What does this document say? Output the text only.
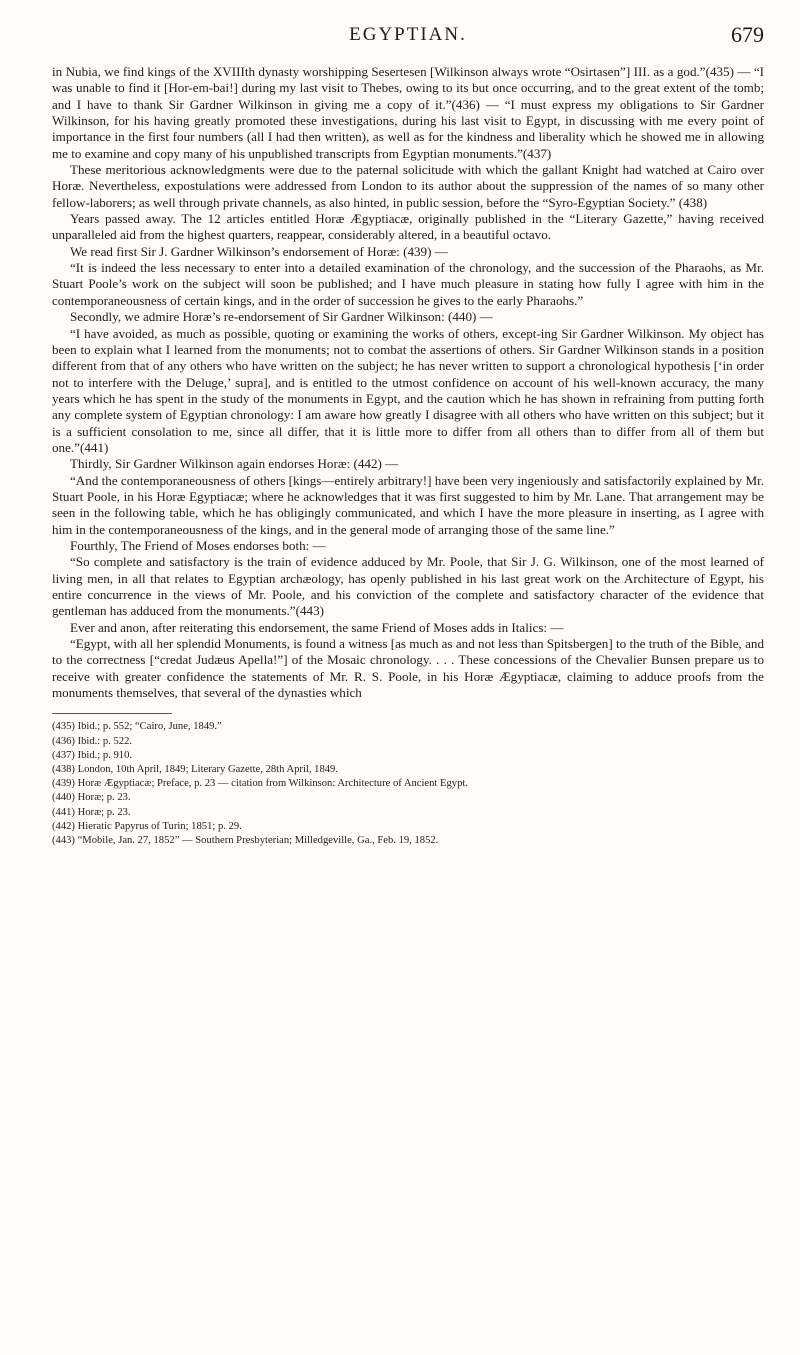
EGYPTIAN.	679

in Nubia, we find kings of the XVIIIth dynasty worshipping Sesertesen [Wilkinson always wrote “Osirtasen”] III. as a god.”(435) — “I was unable to find it [Hor-em-bai!] during my last visit to Thebes, owing to its but once occurring, and to the great extent of the tomb; and I have to thank Sir Gardner Wilkinson in giving me a copy of it.”(436) — “I must express my obligations to Sir Gardner Wilkinson, for his having greatly promoted these investigations, during his last visit to Egypt, in discussing with me every point of importance in the first four numbers (all I had then written), as well as for the kindness and liberality which he showed me in allowing me to examine and copy many of his unpublished transcripts from Egyptian monuments.”(437)

These meritorious acknowledgments were due to the paternal solicitude with which the gallant Knight had watched at Cairo over Horæ. Nevertheless, expostulations were addressed from London to its author about the suppression of the names of so many other fellow-laborers; as well through private channels, as also hinted, in public session, before the “Syro-Egyptian Society.” (438)

Years passed away. The 12 articles entitled Horæ Ægyptiacæ, originally published in the “Literary Gazette,” having received unparalleled aid from the highest quarters, reappear, considerably altered, in a beautiful octavo.

We read first Sir J. Gardner Wilkinson’s endorsement of Horæ: (439) —

“It is indeed the less necessary to enter into a detailed examination of the chronology, and the succession of the Pharaohs, as Mr. Stuart Poole’s work on the subject will soon be published; and I have much pleasure in stating how fully I agree with him in the contemporaneousness of certain kings, and in the order of succession he gives to the early Pharaohs.”

Secondly, we admire Horæ’s re-endorsement of Sir Gardner Wilkinson: (440) —

“I have avoided, as much as possible, quoting or examining the works of others, except-ing Sir Gardner Wilkinson. My object has been to explain what I learned from the monuments; not to combat the assertions of others. Sir Gardner Wilkinson stands in a position different from that of any others who have written on the subject; he has never written to support a chronological hypothesis [‘in order not to interfere with the Deluge,’ supra], and is entitled to the utmost confidence on account of his well-known accuracy, the many years which he has spent in the study of the monuments in Egypt, and the caution which he has shown in refraining from putting forth any complete system of Egyptian chronology: I am aware how greatly I disagree with all others who have written on this subject; but it is a sufficient consolation to me, since all differ, that it is little more to differ from all others than to differ from all of them but one.”(441)

Thirdly, Sir Gardner Wilkinson again endorses Horæ: (442) —

“And the contemporaneousness of others [kings—entirely arbitrary!] have been very ingeniously and satisfactorily explained by Mr. Stuart Poole, in his Horæ Egyptiacæ; where he acknowledges that it was first suggested to him by Mr. Lane. That arrangement may be seen in the following table, which he has obligingly communicated, and which I have the more pleasure in inserting, as I agree with him in the contemporaneousness of the kings, and in the general mode of arranging those of the same line.”

Fourthly, The Friend of Moses endorses both: —

“So complete and satisfactory is the train of evidence adduced by Mr. Poole, that Sir J. G. Wilkinson, one of the most learned of living men, in all that relates to Egyptian archæology, has openly published in his last great work on the Architecture of Egypt, his entire concurrence in the views of Mr. Poole, and his conviction of the complete and satisfactory character of the evidence that gentleman has adduced from the monuments.”(443)

Ever and anon, after reiterating this endorsement, the same Friend of Moses adds in Italics: —

“Egypt, with all her splendid Monuments, is found a witness [as much as and not less than Spitsbergen] to the truth of the Bible, and to the correctness [“credat Judæus Apella!”] of the Mosaic chronology. . . . These concessions of the Chevalier Bunsen prepare us to receive with greater confidence the statements of Mr. R. S. Poole, in his Horæ Ægyptiacæ, claiming to adduce proofs from the monuments themselves, that several of the dynasties which

(435) Ibid.; p. 552; “Cairo, June, 1849.”
(436) Ibid.: p. 522.
(437) Ibid.; p. 910.
(438) London, 10th April, 1849; Literary Gazette, 28th April, 1849.
(439) Horæ Ægyptiacæ; Preface, p. 23 — citation from Wilkinson: Architecture of Ancient Egypt.
(440) Horæ; p. 23.
(441) Horæ; p. 23.
(442) Hieratic Papyrus of Turin; 1851; p. 29.
(443) “Mobile, Jan. 27, 1852” — Southern Presbyterian; Milledgeville, Ga., Feb. 19, 1852.
